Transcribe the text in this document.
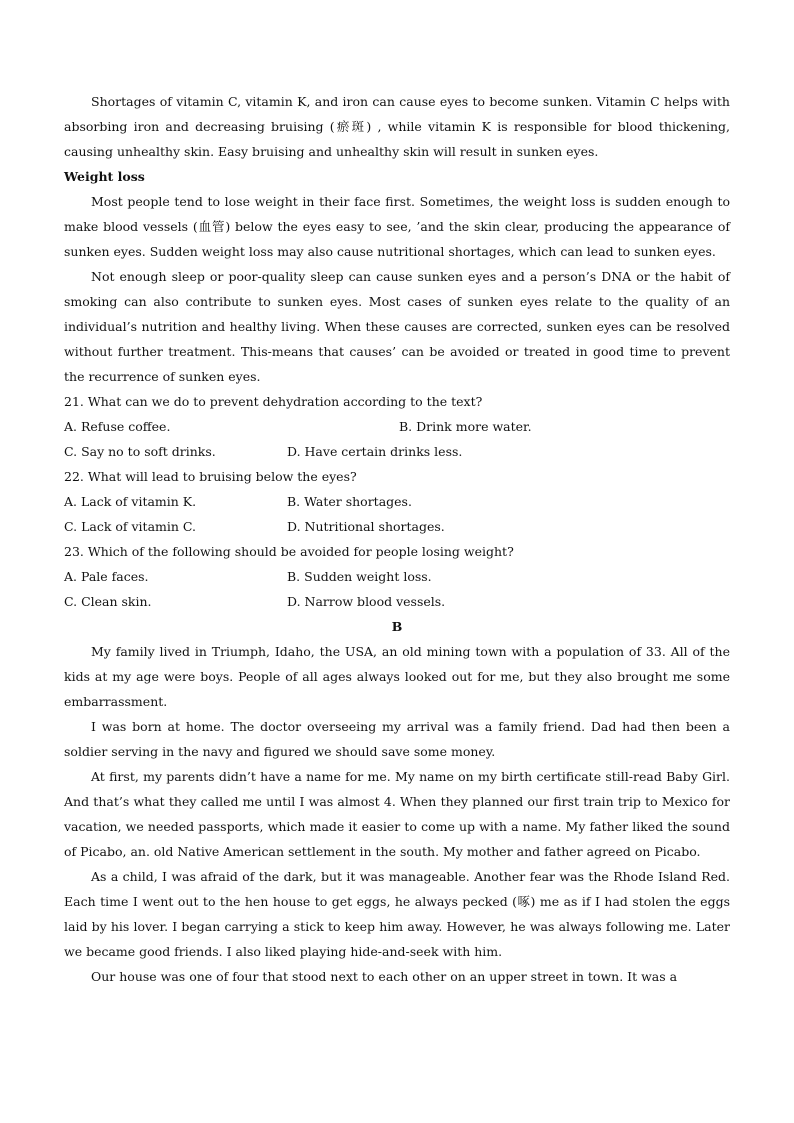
Shortages of vitamin C, vitamin K, and iron can cause eyes to become sunken. Vitamin C helps with absorbing iron and decreasing bruising (瘀斑) , while vitamin K is responsible for blood thickening, causing unhealthy skin. Easy bruising and unhealthy skin will result in sunken eyes.

Weight loss

Most people tend to lose weight in their face first. Sometimes, the weight loss is sudden enough to make blood vessels (血管) below the eyes easy to see, ’and the skin clear, producing the appearance of sunken eyes. Sudden weight loss may also cause nutritional shortages, which can lead to sunken eyes.

Not enough sleep or poor-quality sleep can cause sunken eyes and a person’s DNA or the habit of smoking can also contribute to sunken eyes. Most cases of sunken eyes relate to the quality of an individual’s nutrition and healthy living. When these causes are corrected, sunken eyes can be resolved without further treatment. This-means that causes’ can be avoided or treated in good time to prevent the recurrence of sunken eyes.

21. What can we do to prevent dehydration according to the text?

A. Refuse coffee.	B. Drink more water.
C. Say no to soft drinks.	D. Have certain drinks less.

22. What will lead to bruising below the eyes?

A. Lack of vitamin K.	B. Water shortages.
C. Lack of vitamin C.	D. Nutritional shortages.

23. Which of the following should be avoided for people losing weight?

A. Pale faces.	B. Sudden weight loss.
C. Clean skin.	D. Narrow blood vessels.

B

My family lived in Triumph, Idaho, the USA, an old mining town with a population of 33. All of the kids at my age were boys. People of all ages always looked out for me, but they also brought me some embarrassment.

I was born at home. The doctor overseeing my arrival was a family friend. Dad had then been a soldier serving in the navy and figured we should save some money.

At first, my parents didn’t have a name for me. My name on my birth certificate still-read Baby Girl. And that’s what they called me until I was almost 4. When they planned our first train trip to Mexico for vacation, we needed passports, which made it easier to come up with a name. My father liked the sound of Picabo, an. old Native American settlement in the south. My mother and father agreed on Picabo.

As a child, I was afraid of the dark, but it was manageable. Another fear was the Rhode Island Red. Each time I went out to the hen house to get eggs, he always pecked (啄) me as if I had stolen the eggs laid by his lover. I began carrying a stick to keep him away. However, he was always following me. Later we became good friends. I also liked playing hide-and-seek with him.

Our house was one of four that stood next to each other on an upper street in town. It was a
